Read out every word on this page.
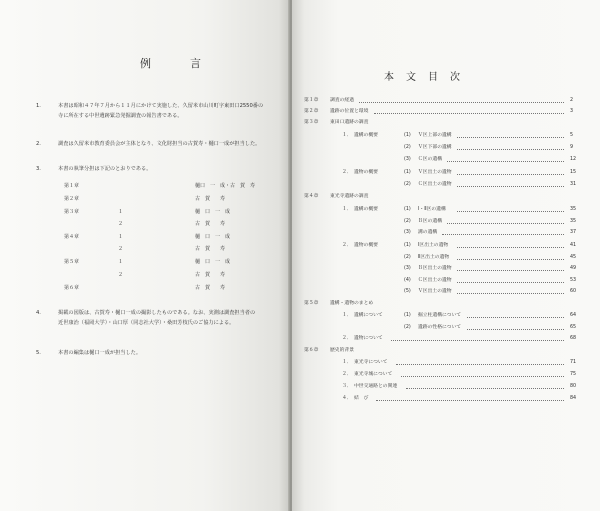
例　言
1.	本書は昭和４７年７月から１１月にかけて実施した、久留米市山川町字東田口2550番の
寺に所在する中世遺跡緊急発掘調査の報告書である。
2.	調査は久留米市教育委員会が主体となり、文化財担当の古賀寿・樋口一成が担当した。
3.	本書の執筆分担は下記のとおりである。
第１章	樋口　一　成・古　賀　寿
第２章	古　賀　　寿
第３章	１	樋　口　一　成
２	古　賀　　寿
第４章	１	樋　口　一　成
２	古　賀　　寿
第５章	１	樋　口　一　成
２	古　賀　　寿
第６章	古　賀　　寿
4.	掲載の図版は、古賀寿・樋口一成の撮影したものである。なお、実測は調査担当者の
近世康治（福岡大学）・山口厚（同志社大学）・桑田芳枝氏のご協力による。
5.	本書の編集は樋口一成が担当した。
本文目次
第１章 調査の経過	2
第２章 遺跡の位置と環境	3
第３章 東田口遺跡の調査
１．　遺構の概要	(1) Ｖ区上部の遺構	5
(2) Ｖ区下部の遺構	9
(3) Ｃ区の遺構	12
２．　遺物の概要	(1) Ｖ区出土の遺物	15
(2) Ｃ区出土の遺物	31
第４章 東光寺遺跡の調査
１．　遺構の概要	(1) Ⅰ・Ⅱ区の遺構	35
(2) Ｂ区の遺構	35
(3) 溝の遺構	37
２．　遺物の概要	(1) Ⅰ区出土の遺物	41
(2) Ⅱ区出土の遺物	45
(3) Ｂ区出土の遺物	49
(4) Ｃ区出土の遺物	53
(5) Ｖ区出土の遺物	60
第５章 遺構・遺物のまとめ
１．　遺構について	(1) 掘立柱遺構について	64
(2) 遺跡の性格について	65
２．　遺物について	68
第６章 歴史的背景
１．　東光寺について	71
２．　東光寺城について	75
３．　中世交通路との関連	80
４．　結　び	84
